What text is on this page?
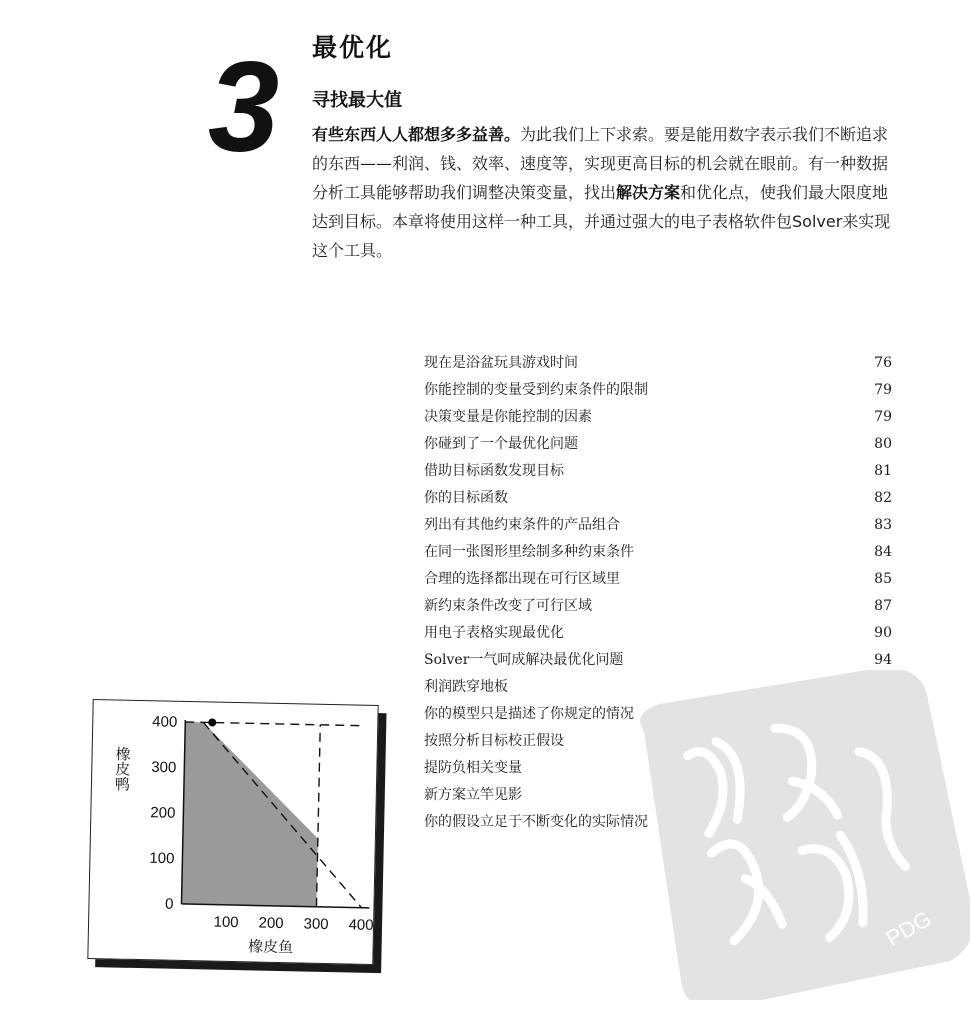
3	最优化
寻找最大值
有些东西人人都想多多益善。为此我们上下求索。要是能用数字表示我们不断追求的东西——利润、钱、效率、速度等，实现更高目标的机会就在眼前。有一种数据分析工具能够帮助我们调整决策变量，找出解决方案和优化点，使我们最大限度地达到目标。本章将使用这样一种工具，并通过强大的电子表格软件包Solver来实现这个工具。
现在是浴盆玩具游戏时间	76
你能控制的变量受到约束条件的限制	79
决策变量是你能控制的因素	79
你碰到了一个最优化问题	80
借助目标函数发现目标	81
你的目标函数	82
列出有其他约束条件的产品组合	83
在同一张图形里绘制多种约束条件	84
合理的选择都出现在可行区域里	85
新约束条件改变了可行区域	87
用电子表格实现最优化	90
Solver一气呵成解决最优化问题	94
利润跌穿地板
你的模型只是描述了你规定的情况
按照分析目标校正假设
提防负相关变量
新方案立竿见影
你的假设立足于不断变化的实际情况
0
100
200
300
400
100 200 300 400
橡皮鱼
橡皮鸭
PDG
